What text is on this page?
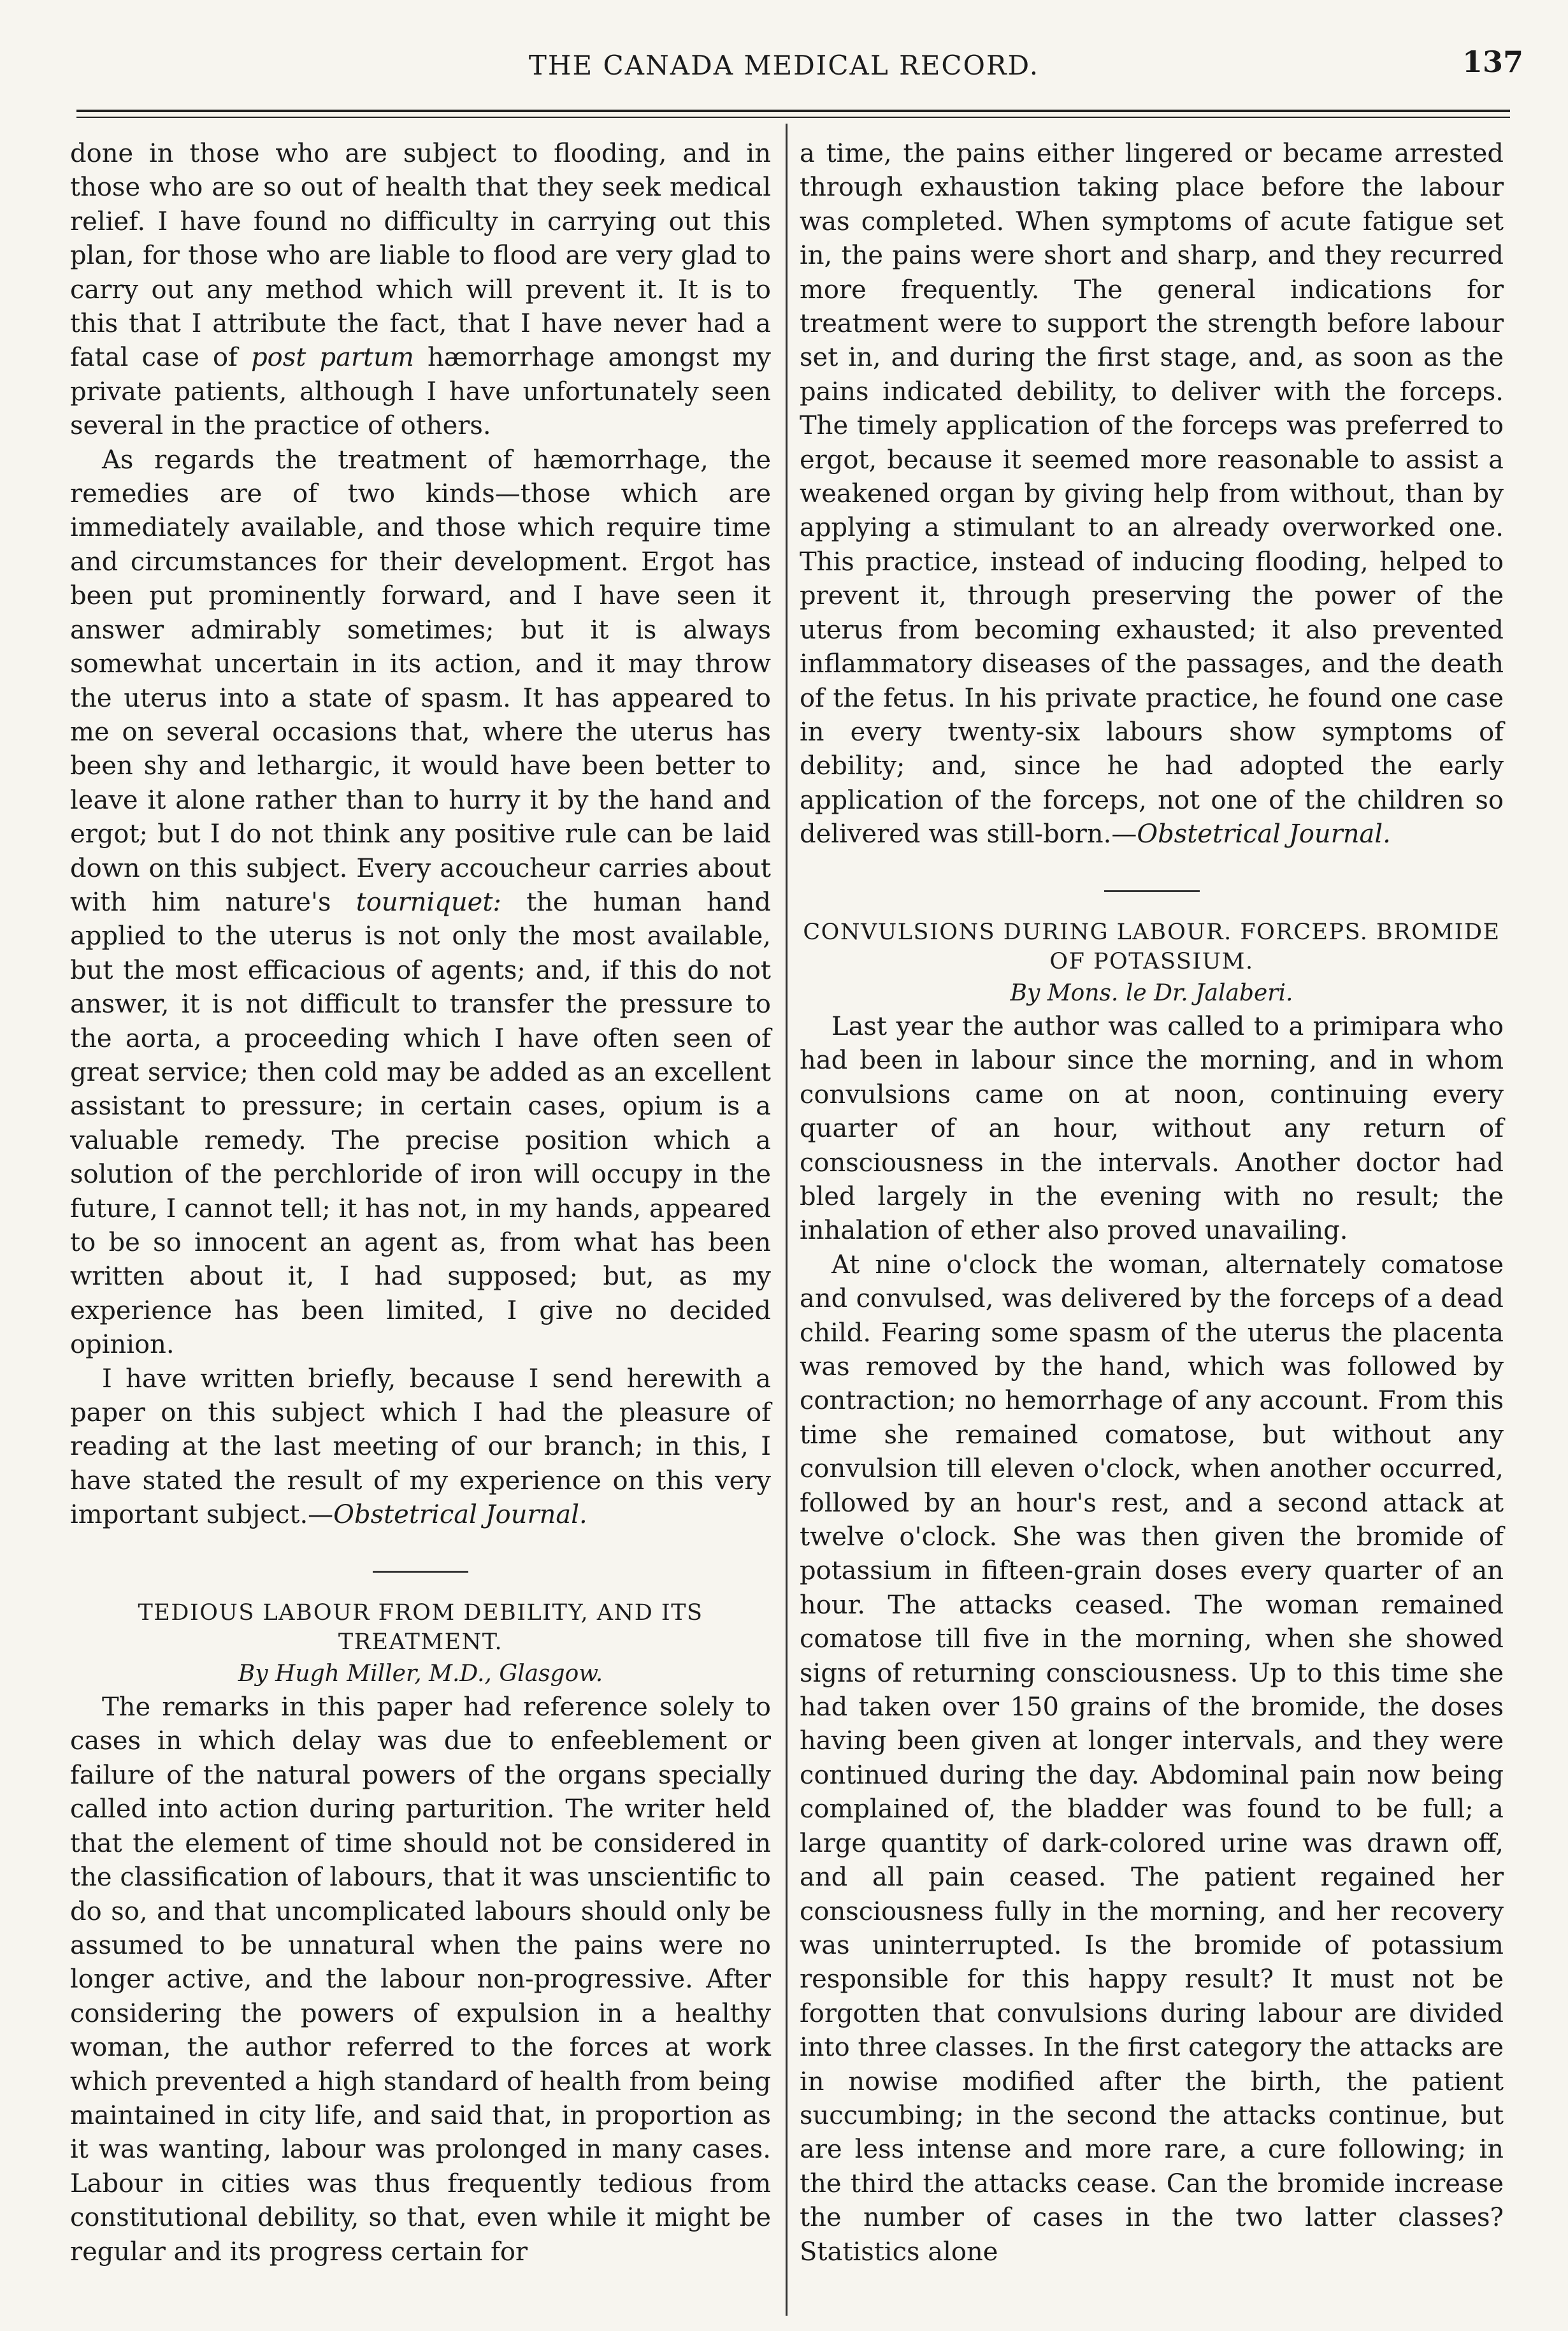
THE CANADA MEDICAL RECORD.	137

done in those who are subject to flooding, and in those who are so out of health that they seek medical relief. I have found no difficulty in carrying out this plan, for those who are liable to flood are very glad to carry out any method which will prevent it. It is to this that I attribute the fact, that I have never had a fatal case of post partum hæmorrhage amongst my private patients, although I have unfortunately seen several in the practice of others.

As regards the treatment of hæmorrhage, the remedies are of two kinds—those which are immediately available, and those which require time and circumstances for their development. Ergot has been put prominently forward, and I have seen it answer admirably sometimes; but it is always somewhat uncertain in its action, and it may throw the uterus into a state of spasm. It has appeared to me on several occasions that, where the uterus has been shy and lethargic, it would have been better to leave it alone rather than to hurry it by the hand and ergot; but I do not think any positive rule can be laid down on this subject. Every accoucheur carries about with him nature's tourniquet: the human hand applied to the uterus is not only the most available, but the most efficacious of agents; and, if this do not answer, it is not difficult to transfer the pressure to the aorta, a proceeding which I have often seen of great service; then cold may be added as an excellent assistant to pressure; in certain cases, opium is a valuable remedy. The precise position which a solution of the perchloride of iron will occupy in the future, I cannot tell; it has not, in my hands, appeared to be so innocent an agent as, from what has been written about it, I had supposed; but, as my experience has been limited, I give no decided opinion.

I have written briefly, because I send herewith a paper on this subject which I had the pleasure of reading at the last meeting of our branch; in this, I have stated the result of my experience on this very important subject.—Obstetrical Journal.

TEDIOUS LABOUR FROM DEBILITY, AND ITS TREATMENT.

By Hugh Miller, M.D., Glasgow.

The remarks in this paper had reference solely to cases in which delay was due to enfeeblement or failure of the natural powers of the organs specially called into action during parturition. The writer held that the element of time should not be considered in the classification of labours, that it was unscientific to do so, and that uncomplicated labours should only be assumed to be unnatural when the pains were no longer active, and the labour non-progressive. After considering the powers of expulsion in a healthy woman, the author referred to the forces at work which prevented a high standard of health from being maintained in city life, and said that, in proportion as it was wanting, labour was prolonged in many cases. Labour in cities was thus frequently tedious from constitutional debility, so that, even while it might be regular and its progress certain for

a time, the pains either lingered or became arrested through exhaustion taking place before the labour was completed. When symptoms of acute fatigue set in, the pains were short and sharp, and they recurred more frequently. The general indications for treatment were to support the strength before labour set in, and during the first stage, and, as soon as the pains indicated debility, to deliver with the forceps. The timely application of the forceps was preferred to ergot, because it seemed more reasonable to assist a weakened organ by giving help from without, than by applying a stimulant to an already overworked one. This practice, instead of inducing flooding, helped to prevent it, through preserving the power of the uterus from becoming exhausted; it also prevented inflammatory diseases of the passages, and the death of the fetus. In his private practice, he found one case in every twenty-six labours show symptoms of debility; and, since he had adopted the early application of the forceps, not one of the children so delivered was still-born.—Obstetrical Journal.

CONVULSIONS DURING LABOUR. FORCEPS. BROMIDE OF POTASSIUM.

By Mons. le Dr. Jalaberi.

Last year the author was called to a primipara who had been in labour since the morning, and in whom convulsions came on at noon, continuing every quarter of an hour, without any return of consciousness in the intervals. Another doctor had bled largely in the evening with no result; the inhalation of ether also proved unavailing.

At nine o'clock the woman, alternately comatose and convulsed, was delivered by the forceps of a dead child. Fearing some spasm of the uterus the placenta was removed by the hand, which was followed by contraction; no hemorrhage of any account. From this time she remained comatose, but without any convulsion till eleven o'clock, when another occurred, followed by an hour's rest, and a second attack at twelve o'clock. She was then given the bromide of potassium in fifteen-grain doses every quarter of an hour. The attacks ceased. The woman remained comatose till five in the morning, when she showed signs of returning consciousness. Up to this time she had taken over 150 grains of the bromide, the doses having been given at longer intervals, and they were continued during the day. Abdominal pain now being complained of, the bladder was found to be full; a large quantity of dark-colored urine was drawn off, and all pain ceased. The patient regained her consciousness fully in the morning, and her recovery was uninterrupted. Is the bromide of potassium responsible for this happy result? It must not be forgotten that convulsions during labour are divided into three classes. In the first category the attacks are in nowise modified after the birth, the patient succumbing; in the second the attacks continue, but are less intense and more rare, a cure following; in the third the attacks cease. Can the bromide increase the number of cases in the two latter classes? Statistics alone
